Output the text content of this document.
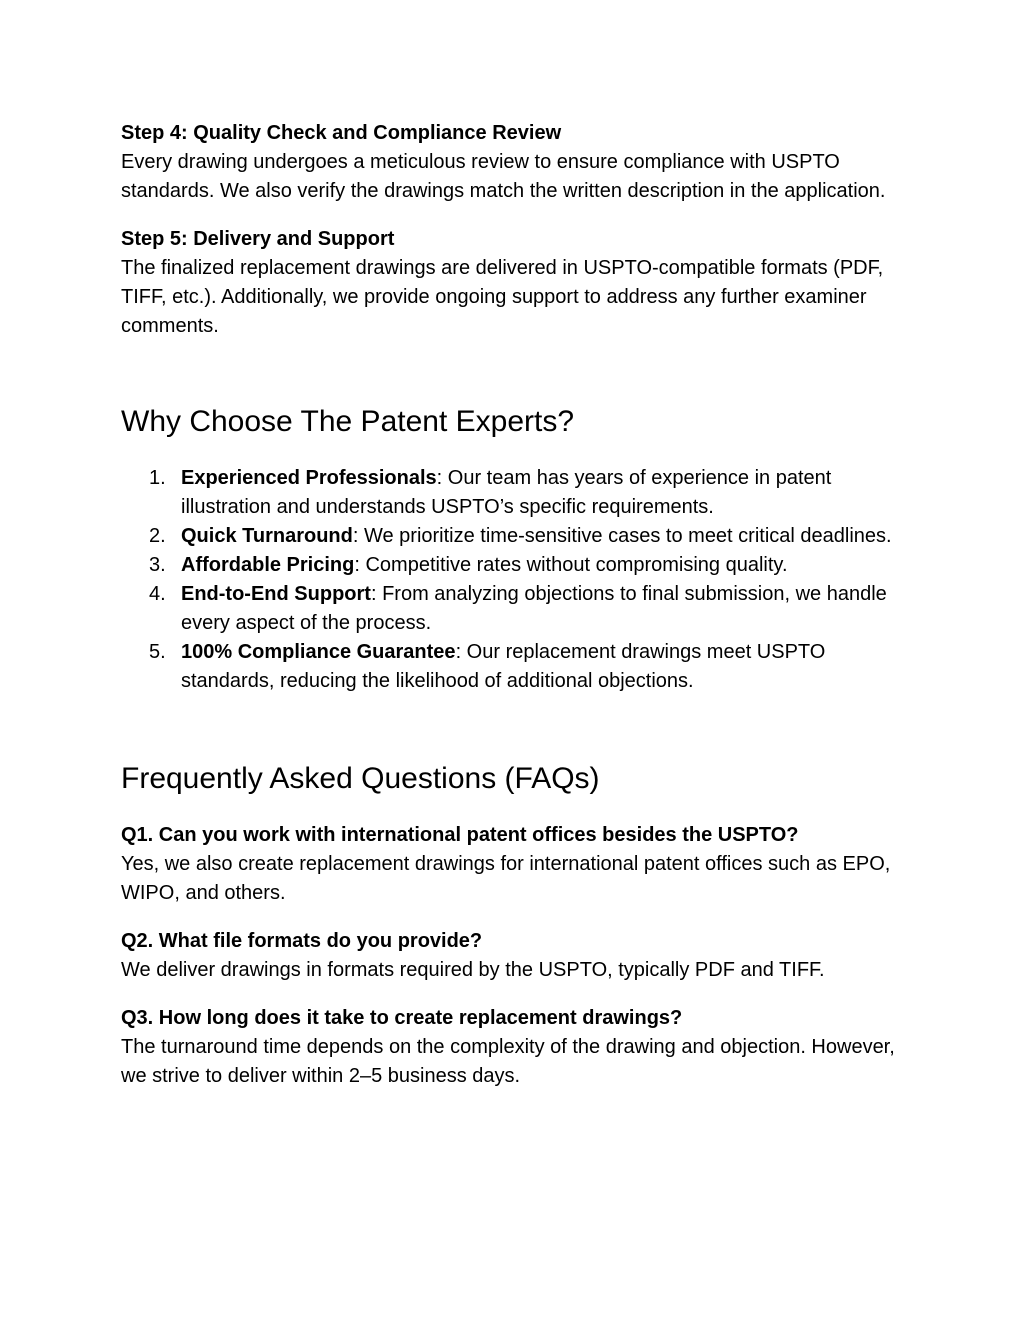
Step 4: Quality Check and Compliance Review
Every drawing undergoes a meticulous review to ensure compliance with USPTO standards. We also verify the drawings match the written description in the application.
Step 5: Delivery and Support
The finalized replacement drawings are delivered in USPTO-compatible formats (PDF, TIFF, etc.). Additionally, we provide ongoing support to address any further examiner comments.
Why Choose The Patent Experts?
1. Experienced Professionals: Our team has years of experience in patent illustration and understands USPTO’s specific requirements.
2. Quick Turnaround: We prioritize time-sensitive cases to meet critical deadlines.
3. Affordable Pricing: Competitive rates without compromising quality.
4. End-to-End Support: From analyzing objections to final submission, we handle every aspect of the process.
5. 100% Compliance Guarantee: Our replacement drawings meet USPTO standards, reducing the likelihood of additional objections.
Frequently Asked Questions (FAQs)
Q1. Can you work with international patent offices besides the USPTO?
Yes, we also create replacement drawings for international patent offices such as EPO, WIPO, and others.
Q2. What file formats do you provide?
We deliver drawings in formats required by the USPTO, typically PDF and TIFF.
Q3. How long does it take to create replacement drawings?
The turnaround time depends on the complexity of the drawing and objection. However, we strive to deliver within 2–5 business days.
